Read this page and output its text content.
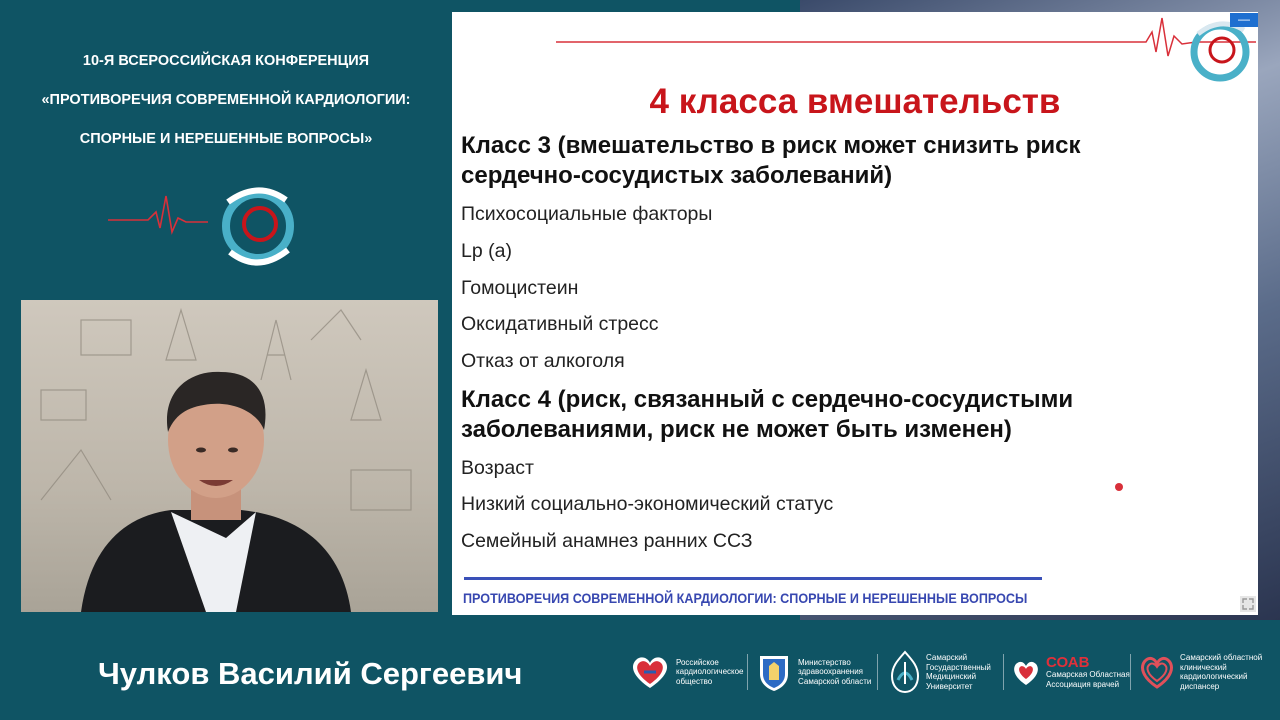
10-Я ВСЕРОССИЙСКАЯ КОНФЕРЕНЦИЯ
«ПРОТИВОРЕЧИЯ СОВРЕМЕННОЙ КАРДИОЛОГИИ:
СПОРНЫЕ И НЕРЕШЕННЫЕ ВОПРОСЫ»
4 класса вмешательств
Класс 3 (вмешательство в риск может снизить риск
сердечно-сосудистых заболеваний)
Психосоциальные факторы
Lp (a)
Гомоцистеин
Оксидативный стресс
Отказ от алкоголя
Класс 4 (риск, связанный с сердечно-сосудистыми
заболеваниями, риск не может быть изменен)
Возраст
Низкий социально-экономический статус
Семейный анамнез ранних ССЗ
ПРОТИВОРЕЧИЯ СОВРЕМЕННОЙ КАРДИОЛОГИИ: СПОРНЫЕ И НЕРЕШЕННЫЕ ВОПРОСЫ
—
Чулков Василий Сергеевич	Российское
кардиологическое
общество
Министерство
здравоохранения
Самарской области
Самарский
Государственный
Медицинский
Университет
СОАВ
Самарская Областная
Ассоциация врачей
Самарский областной
клинический
кардиологический
диспансер
